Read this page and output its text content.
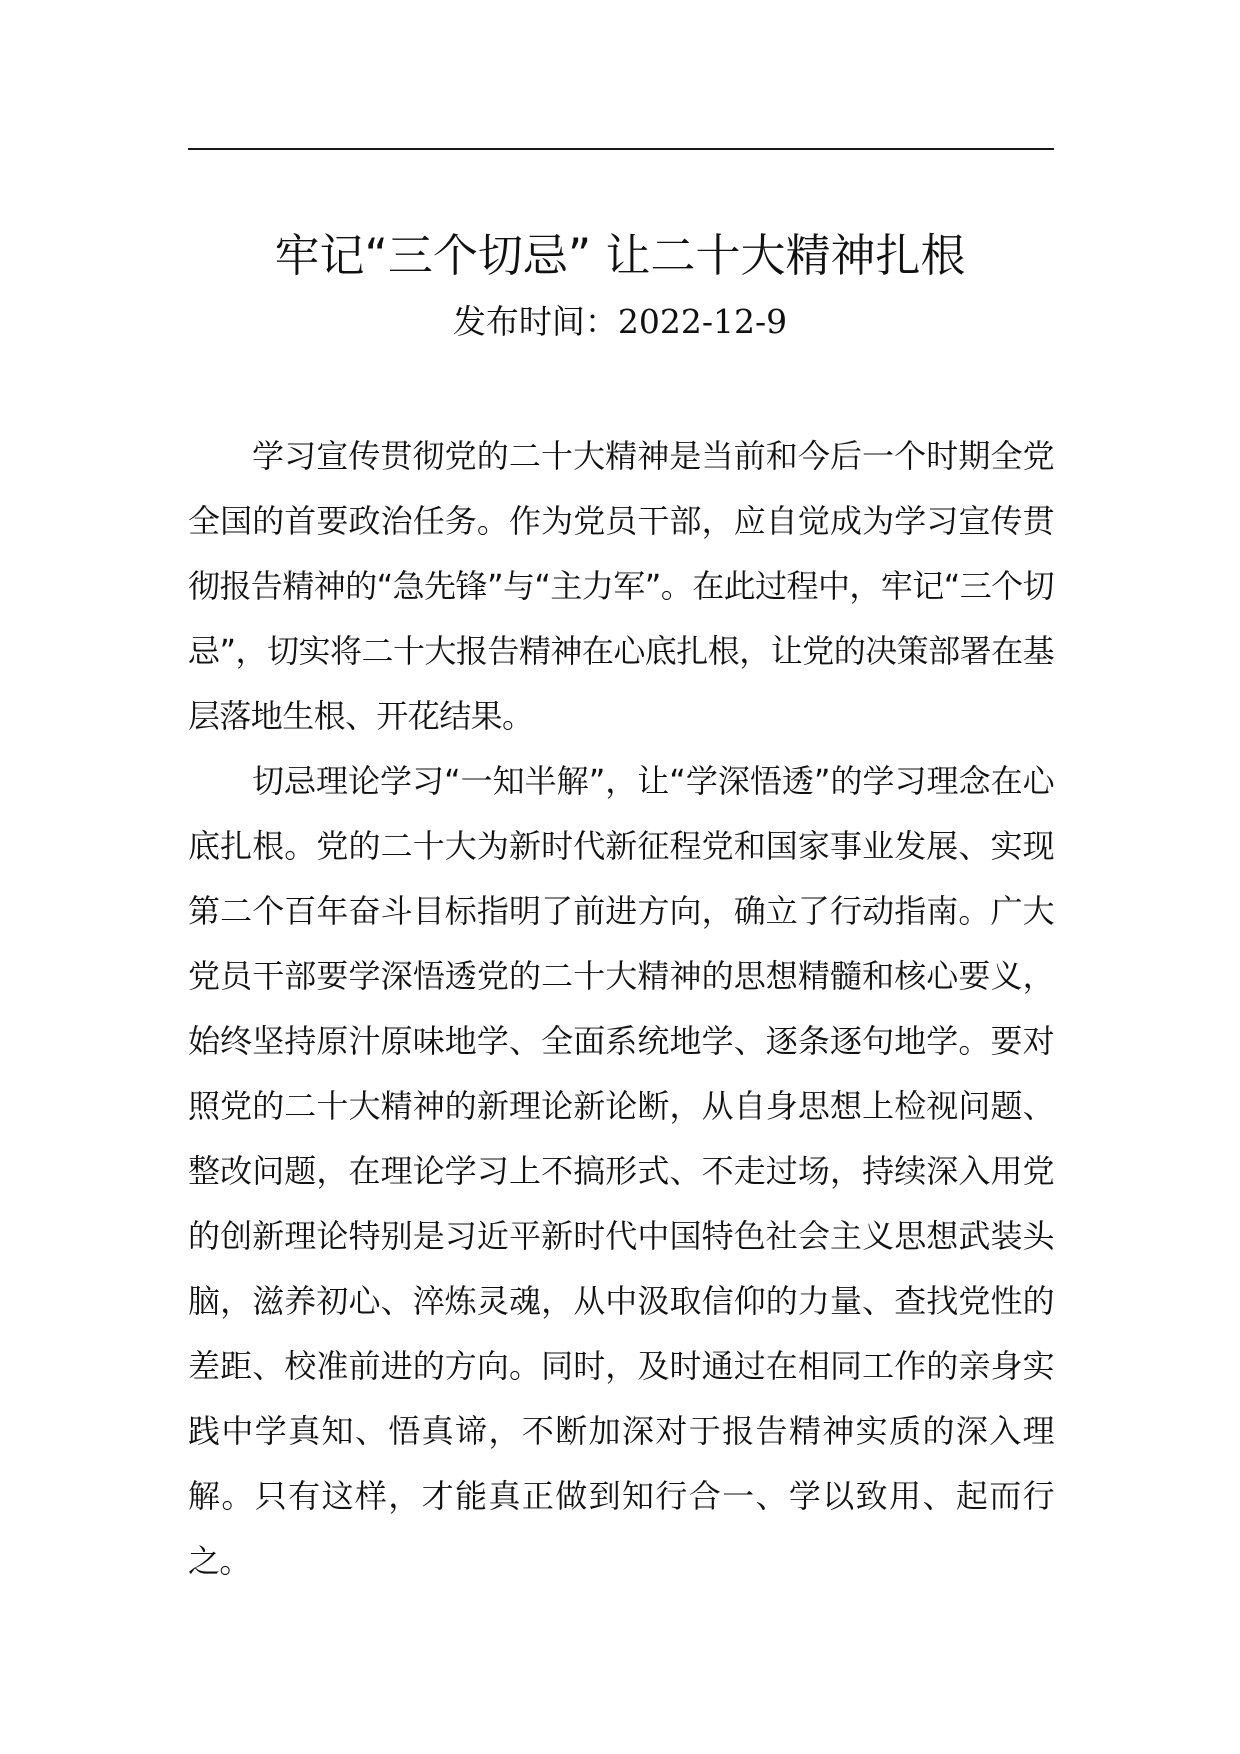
牢记“三个切忌” 让二十大精神扎根
发布时间：2022-12-9

学习宣传贯彻党的二十大精神是当前和今后一个时期全党全国的首要政治任务。作为党员干部，应自觉成为学习宣传贯彻报告精神的“急先锋”与“主力军”。在此过程中，牢记“三个切忌”，切实将二十大报告精神在心底扎根，让党的决策部署在基层落地生根、开花结果。

切忌理论学习“一知半解”，让“学深悟透”的学习理念在心底扎根。党的二十大为新时代新征程党和国家事业发展、实现第二个百年奋斗目标指明了前进方向，确立了行动指南。广大党员干部要学深悟透党的二十大精神的思想精髓和核心要义，始终坚持原汁原味地学、全面系统地学、逐条逐句地学。要对照党的二十大精神的新理论新论断，从自身思想上检视问题、整改问题，在理论学习上不搞形式、不走过场，持续深入用党的创新理论特别是习近平新时代中国特色社会主义思想武装头脑，滋养初心、淬炼灵魂，从中汲取信仰的力量、查找党性的差距、校准前进的方向。同时，及时通过在相同工作的亲身实践中学真知、悟真谛，不断加深对于报告精神实质的深入理解。只有这样，才能真正做到知行合一、学以致用、起而行之。
